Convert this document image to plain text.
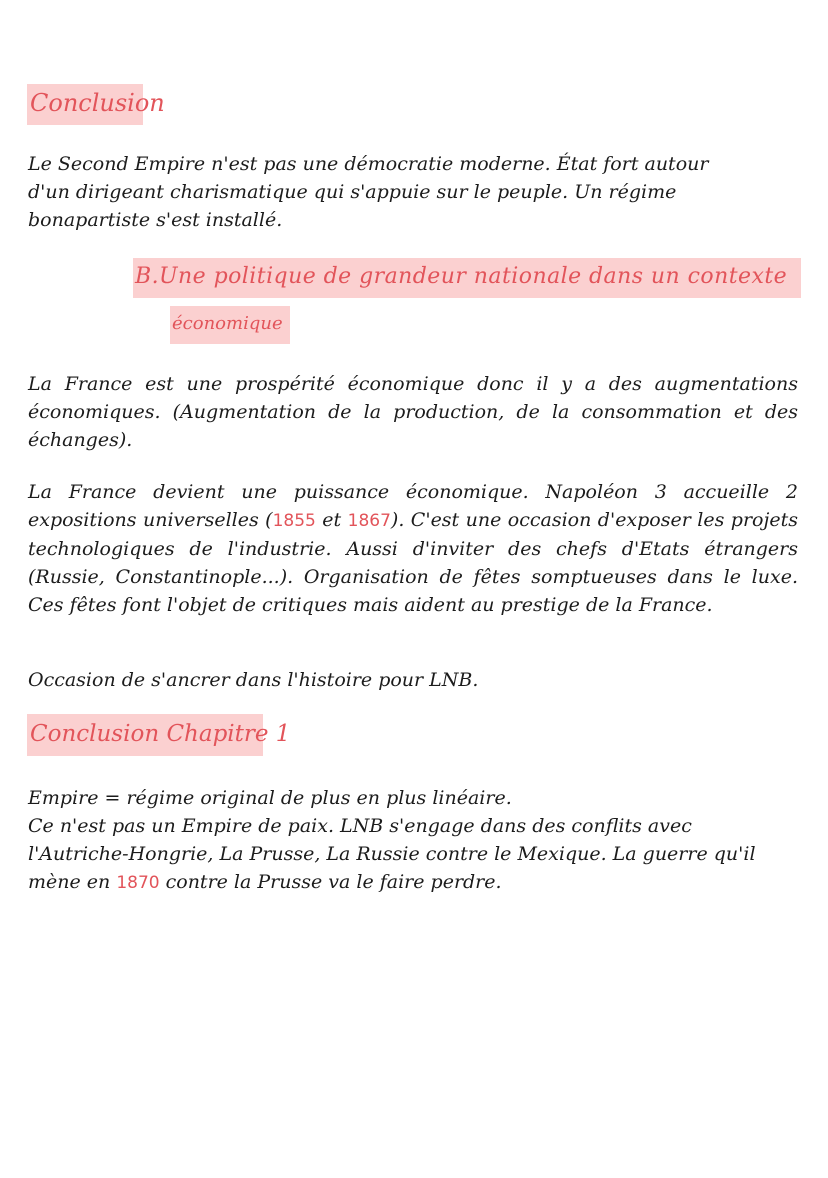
Conclusion

Le Second Empire n'est pas une démocratie moderne. État fort autour d'un dirigeant charismatique qui s'appuie sur le peuple. Un régime bonapartiste s'est installé.

B.Une politique de grandeur nationale dans un contexte
économique

La France est une prospérité économique donc il y a des augmentations économiques. (Augmentation de la production, de la consommation et des échanges).

La France devient une puissance économique. Napoléon 3 accueille 2 expositions universelles (1855 et 1867). C'est une occasion d'exposer les projets technologiques de l'industrie. Aussi d'inviter des chefs d'Etats étrangers (Russie, Constantinople...). Organisation de fêtes somptueuses dans le luxe. Ces fêtes font l'objet de critiques mais aident au prestige de la France.

Occasion de s'ancrer dans l'histoire pour LNB.

Conclusion Chapitre 1

Empire = régime original de plus en plus linéaire.

Ce n'est pas un Empire de paix. LNB s'engage dans des conflits avec l'Autriche-Hongrie, La Prusse, La Russie contre le Mexique. La guerre qu'il mène en 1870 contre la Prusse va le faire perdre.
